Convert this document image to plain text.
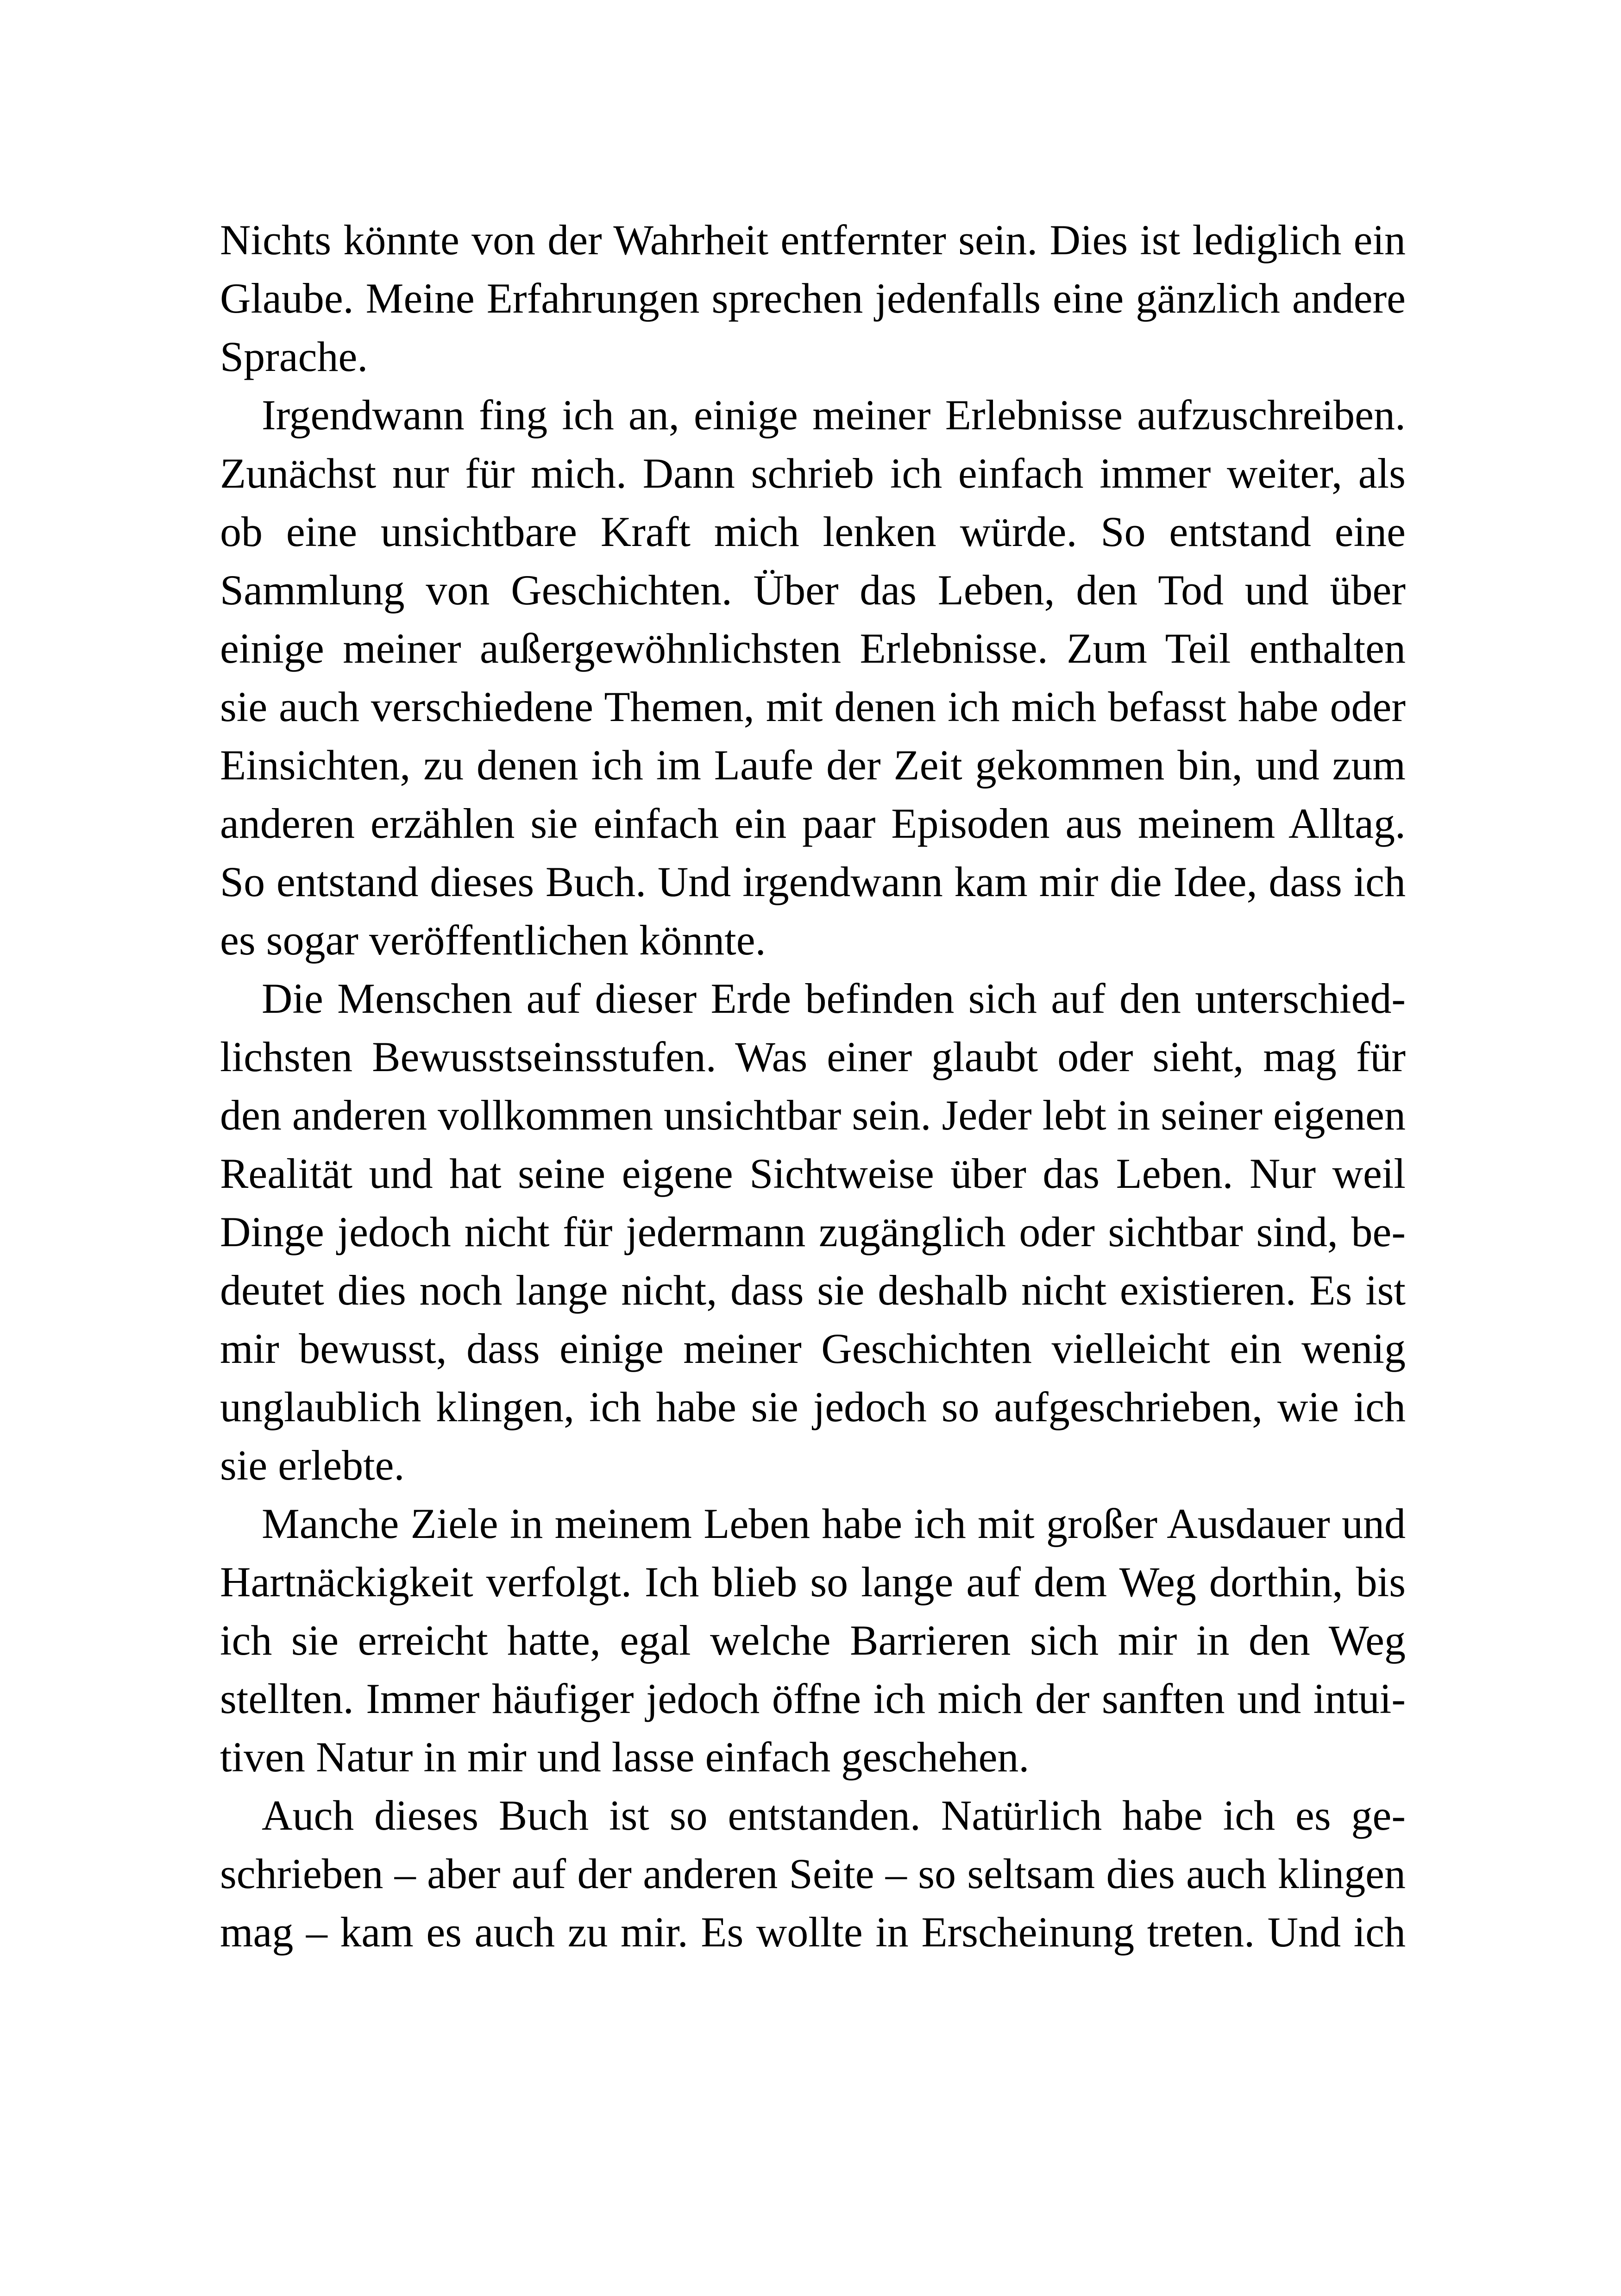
Nichts könnte von der Wahrheit entfernter sein. Dies ist lediglich ein
Glaube. Meine Erfahrungen sprechen jedenfalls eine gänzlich andere
Sprache.
Irgendwann fing ich an, einige meiner Erlebnisse aufzuschreiben.
Zunächst nur für mich. Dann schrieb ich einfach immer weiter, als
ob eine unsichtbare Kraft mich lenken würde. So entstand eine
Sammlung von Geschichten. Über das Leben, den Tod und über
einige meiner außergewöhnlichsten Erlebnisse. Zum Teil enthalten
sie auch verschiedene Themen, mit denen ich mich befasst habe oder
Einsichten, zu denen ich im Laufe der Zeit gekommen bin, und zum
anderen erzählen sie einfach ein paar Episoden aus meinem Alltag.
So entstand dieses Buch. Und irgendwann kam mir die Idee, dass ich
es sogar veröffentlichen könnte.
Die Menschen auf dieser Erde befinden sich auf den unterschied-
lichsten Bewusstseinsstufen. Was einer glaubt oder sieht, mag für
den anderen vollkommen unsichtbar sein. Jeder lebt in seiner eigenen
Realität und hat seine eigene Sichtweise über das Leben. Nur weil
Dinge jedoch nicht für jedermann zugänglich oder sichtbar sind, be-
deutet dies noch lange nicht, dass sie deshalb nicht existieren. Es ist
mir bewusst, dass einige meiner Geschichten vielleicht ein wenig
unglaublich klingen, ich habe sie jedoch so aufgeschrieben, wie ich
sie erlebte.
Manche Ziele in meinem Leben habe ich mit großer Ausdauer und
Hartnäckigkeit verfolgt. Ich blieb so lange auf dem Weg dorthin, bis
ich sie erreicht hatte, egal welche Barrieren sich mir in den Weg
stellten. Immer häufiger jedoch öffne ich mich der sanften und intui-
tiven Natur in mir und lasse einfach geschehen.
Auch dieses Buch ist so entstanden. Natürlich habe ich es ge-
schrieben – aber auf der anderen Seite – so seltsam dies auch klingen
mag – kam es auch zu mir. Es wollte in Erscheinung treten. Und ich
